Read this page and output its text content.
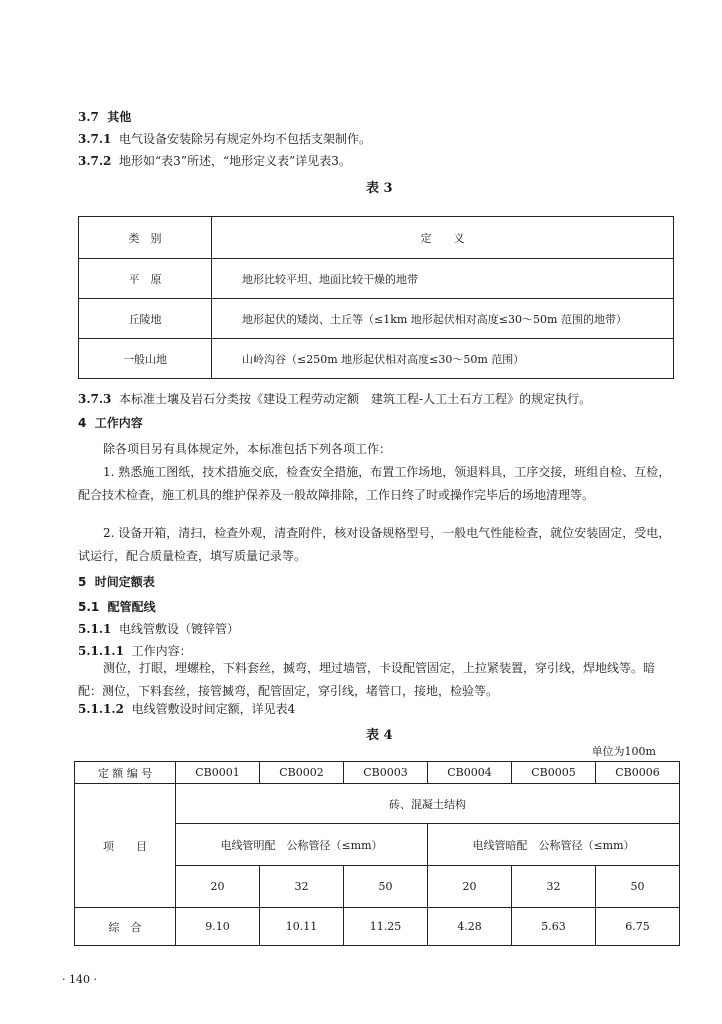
3.7 其他
3.7.1 电气设备安装除另有规定外均不包括支架制作。
3.7.2 地形如“表3”所述，“地形定义表”详见表3。
表 3
类　别	定　　义
平　原	地形比较平坦、地面比较干燥的地带
丘陵地	地形起伏的矮岗、土丘等（≤1km 地形起伏相对高度≤30～50m 范围的地带）
一般山地	山岭沟谷（≤250m 地形起伏相对高度≤30～50m 范围）
3.7.3 本标准土壤及岩石分类按《建设工程劳动定额　建筑工程-人工土石方工程》的规定执行。
4 工作内容
除各项目另有具体规定外，本标准包括下列各项工作：
1. 熟悉施工图纸，技术措施交底，检查安全措施，布置工作场地，领退料具，工序交接，班组自检、互检，配合技术检查，施工机具的维护保养及一般故障排除，工作日终了时或操作完毕后的场地清理等。
2. 设备开箱，清扫，检查外观，清查附件，核对设备规格型号，一般电气性能检查，就位安装固定，受电，试运行，配合质量检查，填写质量记录等。
5 时间定额表
5.1 配管配线
5.1.1 电线管敷设（镀锌管）
5.1.1.1 工作内容：
测位，打眼，埋螺栓，下料套丝，揻弯，埋过墙管，卡设配管固定，上拉紧装置，穿引线，焊地线等。暗配：测位，下料套丝，接管揻弯，配管固定，穿引线，堵管口，接地，检验等。
5.1.1.2 电线管敷设时间定额，详见表4
表 4
单位为100m
定 额 编 号	CB0001	CB0002	CB0003	CB0004	CB0005	CB0006
项　　目	砖、混凝土结构					
	电线管明配　公称管径（≤mm）			电线管暗配　公称管径（≤mm）		
	20	32	50	20	32	50
综　合	9.10	10.11	11.25	4.28	5.63	6.75
· 140 ·
